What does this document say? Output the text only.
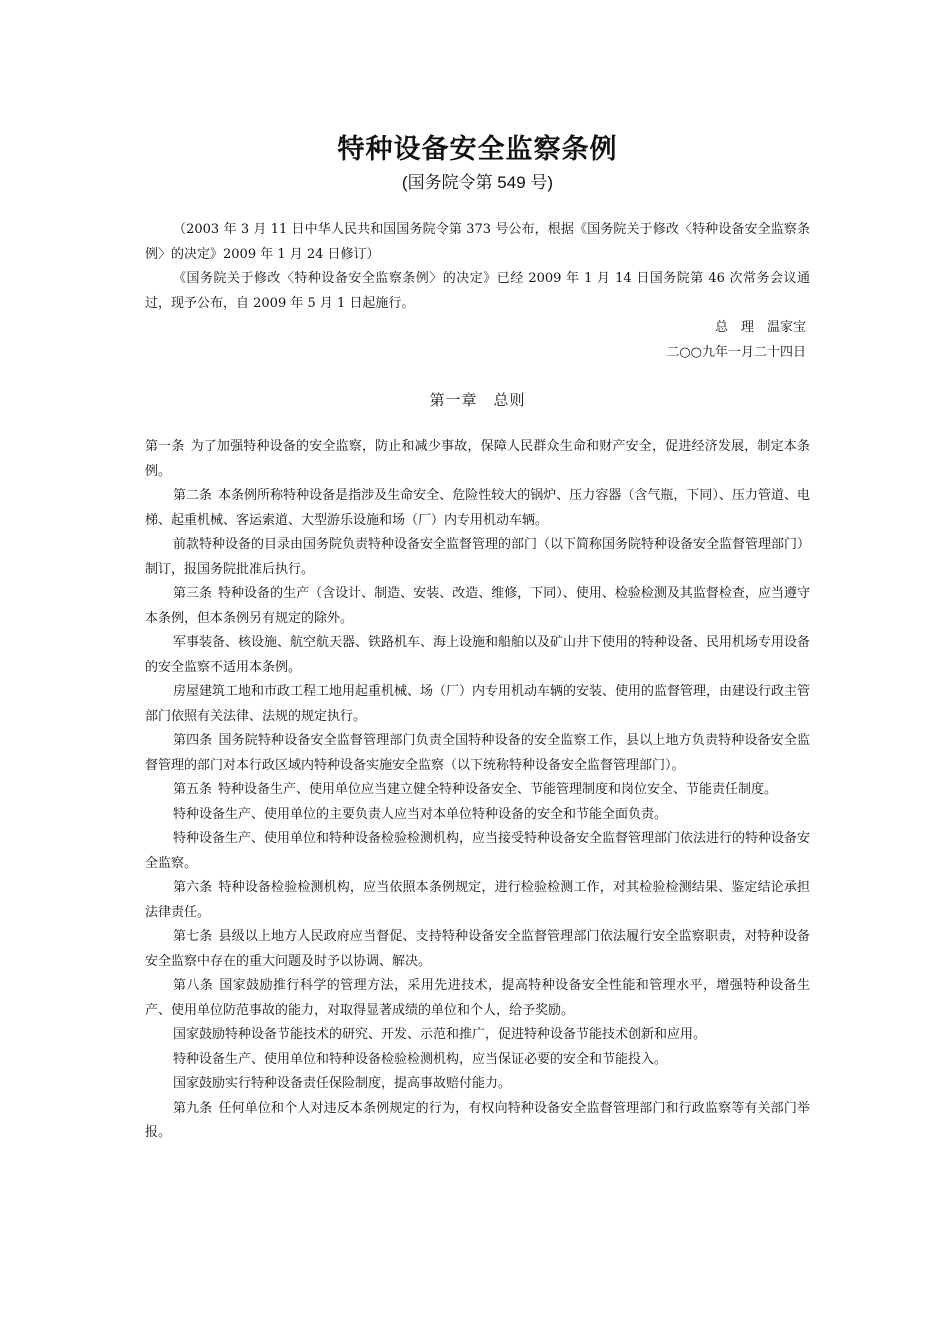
特种设备安全监察条例

(国务院令第 549 号)

（2003 年 3 月 11 日中华人民共和国国务院令第 373 号公布，根据《国务院关于修改〈特种设备安全监察条例〉的决定》2009 年 1 月 24 日修订）

《国务院关于修改〈特种设备安全监察条例〉的决定》已经 2009 年 1 月 14 日国务院第 46 次常务会议通过，现予公布，自 2009 年 5 月 1 日起施行。

总　理　温家宝

二○○九年一月二十四日

第一章　总则

第一条 为了加强特种设备的安全监察，防止和减少事故，保障人民群众生命和财产安全，促进经济发展，制定本条例。

第二条 本条例所称特种设备是指涉及生命安全、危险性较大的锅炉、压力容器（含气瓶，下同）、压力管道、电梯、起重机械、客运索道、大型游乐设施和场（厂）内专用机动车辆。

前款特种设备的目录由国务院负责特种设备安全监督管理的部门（以下简称国务院特种设备安全监督管理部门）制订，报国务院批准后执行。

第三条 特种设备的生产（含设计、制造、安装、改造、维修，下同）、使用、检验检测及其监督检查，应当遵守本条例，但本条例另有规定的除外。

军事装备、核设施、航空航天器、铁路机车、海上设施和船舶以及矿山井下使用的特种设备、民用机场专用设备的安全监察不适用本条例。

房屋建筑工地和市政工程工地用起重机械、场（厂）内专用机动车辆的安装、使用的监督管理，由建设行政主管部门依照有关法律、法规的规定执行。

第四条 国务院特种设备安全监督管理部门负责全国特种设备的安全监察工作，县以上地方负责特种设备安全监督管理的部门对本行政区域内特种设备实施安全监察（以下统称特种设备安全监督管理部门）。

第五条 特种设备生产、使用单位应当建立健全特种设备安全、节能管理制度和岗位安全、节能责任制度。

特种设备生产、使用单位的主要负责人应当对本单位特种设备的安全和节能全面负责。

特种设备生产、使用单位和特种设备检验检测机构，应当接受特种设备安全监督管理部门依法进行的特种设备安全监察。

第六条 特种设备检验检测机构，应当依照本条例规定，进行检验检测工作，对其检验检测结果、鉴定结论承担法律责任。

第七条 县级以上地方人民政府应当督促、支持特种设备安全监督管理部门依法履行安全监察职责，对特种设备安全监察中存在的重大问题及时予以协调、解决。

第八条 国家鼓励推行科学的管理方法，采用先进技术，提高特种设备安全性能和管理水平，增强特种设备生产、使用单位防范事故的能力，对取得显著成绩的单位和个人，给予奖励。

国家鼓励特种设备节能技术的研究、开发、示范和推广，促进特种设备节能技术创新和应用。

特种设备生产、使用单位和特种设备检验检测机构，应当保证必要的安全和节能投入。

国家鼓励实行特种设备责任保险制度，提高事故赔付能力。

第九条 任何单位和个人对违反本条例规定的行为，有权向特种设备安全监督管理部门和行政监察等有关部门举报。
